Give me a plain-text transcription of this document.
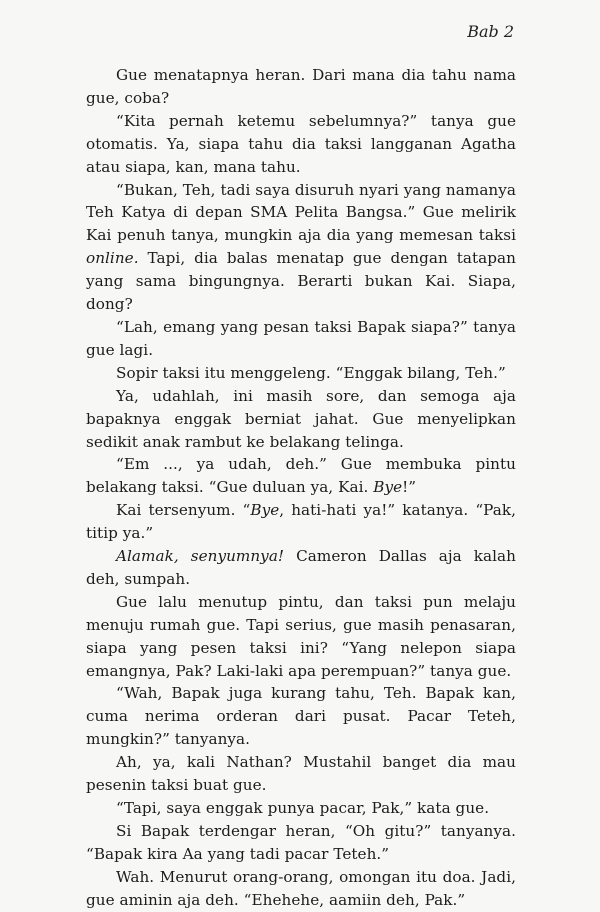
Bab 2

Gue menatapnya heran. Dari mana dia tahu nama gue, coba?

“Kita pernah ketemu sebelumnya?” tanya gue otomatis. Ya, siapa tahu dia taksi langganan Agatha atau siapa, kan, mana tahu.

“Bukan, Teh, tadi saya disuruh nyari yang namanya Teh Katya di depan SMA Pelita Bangsa.” Gue melirik Kai penuh tanya, mungkin aja dia yang memesan taksi online. Tapi, dia balas menatap gue dengan tatapan yang sama bingungnya. Berarti bukan Kai. Siapa, dong?

“Lah, emang yang pesan taksi Bapak siapa?” tanya gue lagi.

Sopir taksi itu menggeleng. “Enggak bilang, Teh.”

Ya, udahlah, ini masih sore, dan semoga aja bapaknya enggak berniat jahat. Gue menyelipkan sedikit anak rambut ke belakang telinga.

“Em ..., ya udah, deh.” Gue membuka pintu belakang taksi. “Gue duluan ya, Kai. Bye!”

Kai tersenyum. “Bye, hati-hati ya!” katanya. “Pak, titip ya.”

Alamak, senyumnya! Cameron Dallas aja kalah deh, sumpah.

Gue lalu menutup pintu, dan taksi pun melaju menuju rumah gue. Tapi serius, gue masih penasaran, siapa yang pesen taksi ini? “Yang nelepon siapa emangnya, Pak? Laki-laki apa perempuan?” tanya gue.

“Wah, Bapak juga kurang tahu, Teh. Bapak kan, cuma nerima orderan dari pusat. Pacar Teteh, mungkin?” tanyanya.

Ah, ya, kali Nathan? Mustahil banget dia mau pesenin taksi buat gue.

“Tapi, saya enggak punya pacar, Pak,” kata gue.

Si Bapak terdengar heran, “Oh gitu?” tanyanya. “Bapak kira Aa yang tadi pacar Teteh.”

Wah. Menurut orang-orang, omongan itu doa. Jadi, gue aminin aja deh. “Ehehehe, aamiin deh, Pak.”
